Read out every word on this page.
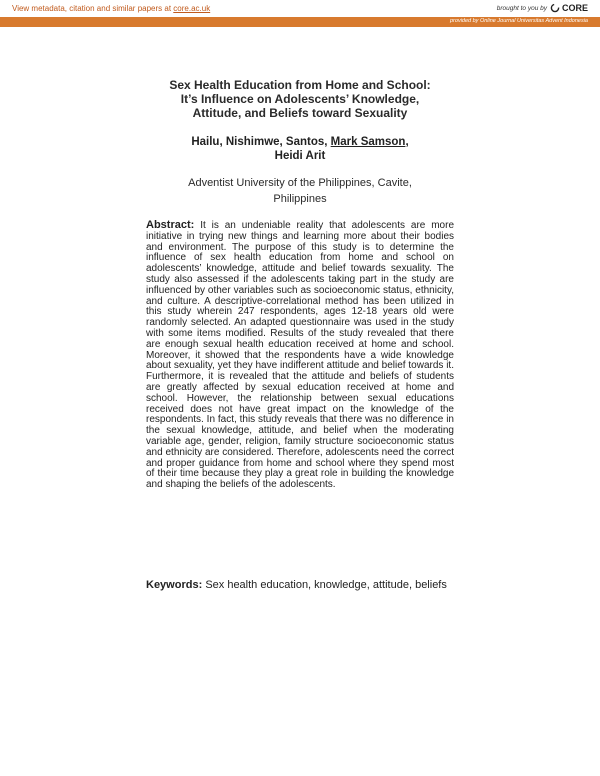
View metadata, citation and similar papers at core.ac.uk	brought to you by CORE
provided by Online Journal Universitas Advent Indonesia
Sex Health Education from Home and School:
It’s Influence on Adolescents’ Knowledge,
Attitude, and Beliefs toward Sexuality
Hailu, Nishimwe, Santos, Mark Samson,
Heidi Arit
Adventist University of the Philippines, Cavite,
Philippines

Abstract: It is an undeniable reality that adolescents are more initiative in trying new things and learning more about their bodies and environment. The purpose of this study is to determine the influence of sex health education from home and school on adolescents’ knowledge, attitude and belief towards sexuality. The study also assessed if the adolescents taking part in the study are influenced by other variables such as socioeconomic status, ethnicity, and culture. A descriptive-correlational method has been utilized in this study wherein 247 respondents, ages 12-18 years old were randomly selected. An adapted questionnaire was used in the study with some items modified. Results of the study revealed that there are enough sexual health education received at home and school. Moreover, it showed that the respondents have a wide knowledge about sexuality, yet they have indifferent attitude and belief towards it. Furthermore, it is revealed that the attitude and beliefs of students are greatly affected by sexual education received at home and school. However, the relationship between sexual educations received does not have great impact on the knowledge of the respondents. In fact, this study reveals that there was no difference in the sexual knowledge, attitude, and belief when the moderating variable age, gender, religion, family structure socioeconomic status and ethnicity are considered. Therefore, adolescents need the correct and proper guidance from home and school where they spend most of their time because they play a great role in building the knowledge and shaping the beliefs of the adolescents.

Keywords: Sex health education, knowledge, attitude, beliefs
